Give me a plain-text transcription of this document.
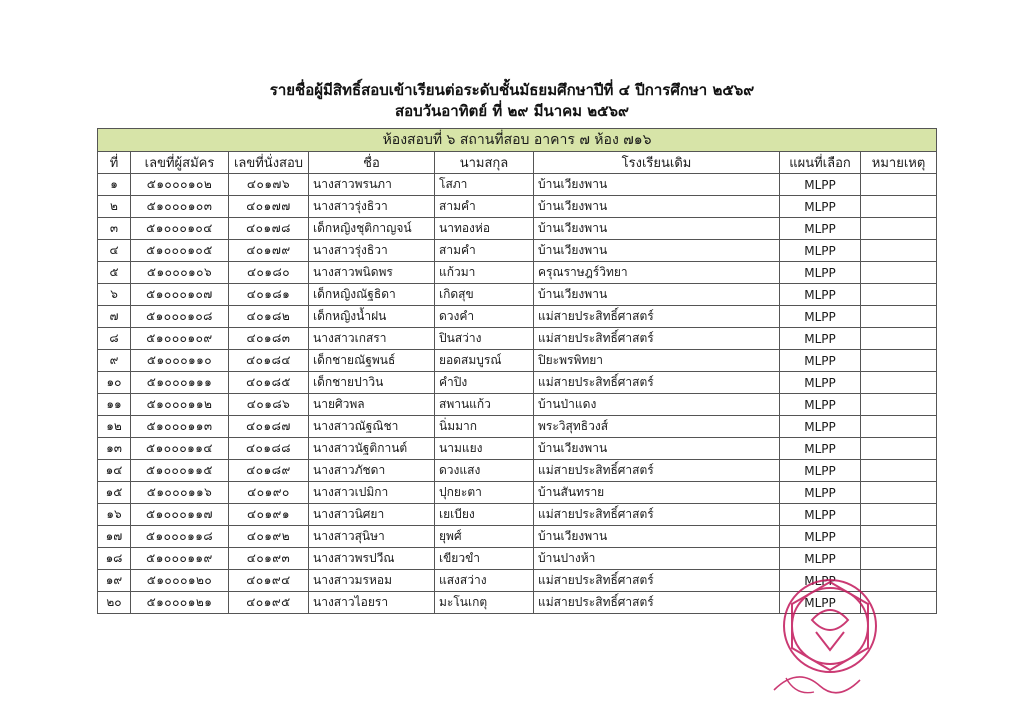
รายชื่อผู้มีสิทธิ์สอบเข้าเรียนต่อระดับชั้นมัธยมศึกษาปีที่ ๔ ปีการศึกษา ๒๕๖๙
สอบวันอาทิตย์ ที่ ๒๙ มีนาคม ๒๕๖๙
ห้องสอบที่ ๖ สถานที่สอบ อาคาร ๗ ห้อง ๗๑๖							
ที่	เลขที่ผู้สมัคร	เลขที่นั่งสอบ	ชื่อ	นามสกุล	โรงเรียนเดิม	แผนที่เลือก	หมายเหตุ
๑	๕๑๐๐๐๑๐๒	๔๐๑๗๖	นางสาวพรนภา	โสภา	บ้านเวียงพาน	MLPP	
๒	๕๑๐๐๐๑๐๓	๔๐๑๗๗	นางสาวรุ่งธิวา	สามคำ	บ้านเวียงพาน	MLPP	
๓	๕๑๐๐๐๑๐๔	๔๐๑๗๘	เด็กหญิงชุติกาญจน์	นาทองห่อ	บ้านเวียงพาน	MLPP	
๔	๕๑๐๐๐๑๐๕	๔๐๑๗๙	นางสาวรุ่งธิวา	สามคำ	บ้านเวียงพาน	MLPP	
๕	๕๑๐๐๐๑๐๖	๔๐๑๘๐	นางสาวพนิดพร	แก้วมา	ครุณราษฎร์วิทยา	MLPP	
๖	๕๑๐๐๐๑๐๗	๔๐๑๘๑	เด็กหญิงณัฐธิดา	เกิดสุข	บ้านเวียงพาน	MLPP	
๗	๕๑๐๐๐๑๐๘	๔๐๑๘๒	เด็กหญิงน้ำฝน	ดวงคำ	แม่สายประสิทธิ์ศาสตร์	MLPP	
๘	๕๑๐๐๐๑๐๙	๔๐๑๘๓	นางสาวเกสรา	ปินสว่าง	แม่สายประสิทธิ์ศาสตร์	MLPP	
๙	๕๑๐๐๐๑๑๐	๔๐๑๘๔	เด็กชายณัฐพนธ์	ยอดสมบูรณ์	ปิยะพรพิทยา	MLPP	
๑๐	๕๑๐๐๐๑๑๑	๔๐๑๘๕	เด็กชายปาวิน	คำปิง	แม่สายประสิทธิ์ศาสตร์	MLPP	
๑๑	๕๑๐๐๐๑๑๒	๔๐๑๘๖	นายศิวพล	สพานแก้ว	บ้านป่าแดง	MLPP	
๑๒	๕๑๐๐๐๑๑๓	๔๐๑๘๗	นางสาวณัฐณิชา	นิ่มมาก	พระวิสุทธิวงส์	MLPP	
๑๓	๕๑๐๐๐๑๑๔	๔๐๑๘๘	นางสาวนัฐติกานต์	นามแยง	บ้านเวียงพาน	MLPP	
๑๔	๕๑๐๐๐๑๑๕	๔๐๑๘๙	นางสาวภัชดา	ดวงแสง	แม่สายประสิทธิ์ศาสตร์	MLPP	
๑๕	๕๑๐๐๐๑๑๖	๔๐๑๙๐	นางสาวเปมิกา	ปุกยะตา	บ้านสันทราย	MLPP	
๑๖	๕๑๐๐๐๑๑๗	๔๐๑๙๑	นางสาวนิศยา	เยเบียง	แม่สายประสิทธิ์ศาสตร์	MLPP	
๑๗	๕๑๐๐๐๑๑๘	๔๐๑๙๒	นางสาวสุนิษา	ยุพศ์	บ้านเวียงพาน	MLPP	
๑๘	๕๑๐๐๐๑๑๙	๔๐๑๙๓	นางสาวพรปวีณ	เขียวขำ	บ้านปางห้า	MLPP	
๑๙	๕๑๐๐๐๑๒๐	๔๐๑๙๔	นางสาวมรหอม	แสงสว่าง	แม่สายประสิทธิ์ศาสตร์	MLPP	
๒๐	๕๑๐๐๐๑๒๑	๔๐๑๙๕	นางสาวไอยรา	มะโนเกตุ	แม่สายประสิทธิ์ศาสตร์	MLPP	
